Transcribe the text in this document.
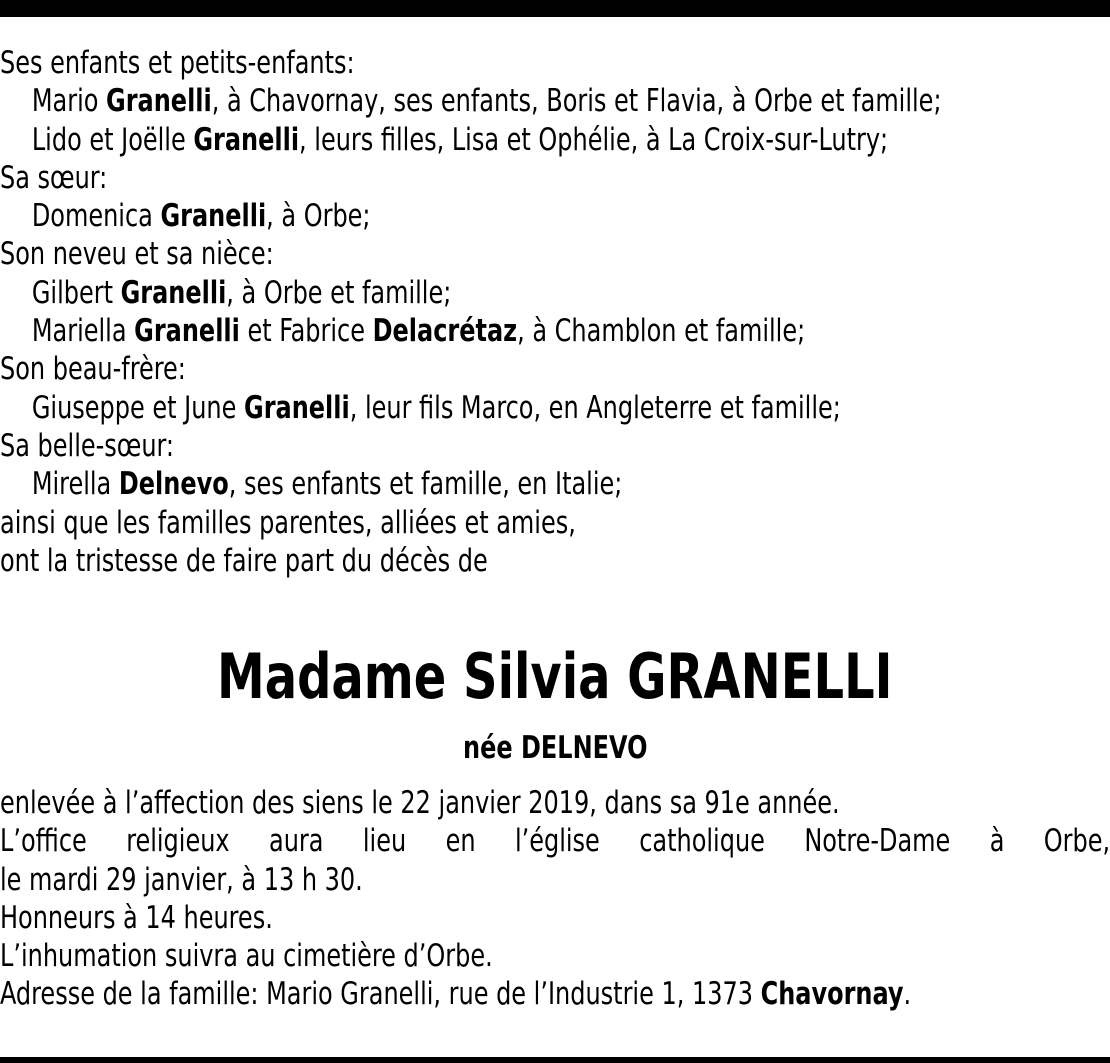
Ses enfants et petits-enfants:
Mario Granelli, à Chavornay, ses enfants, Boris et Flavia, à Orbe et famille;
Lido et Joëlle Granelli, leurs filles, Lisa et Ophélie, à La Croix-sur-Lutry;
Sa sœur:
Domenica Granelli, à Orbe;
Son neveu et sa nièce:
Gilbert Granelli, à Orbe et famille;
Mariella Granelli et Fabrice Delacrétaz, à Chamblon et famille;
Son beau-frère:
Giuseppe et June Granelli, leur fils Marco, en Angleterre et famille;
Sa belle-sœur:
Mirella Delnevo, ses enfants et famille, en Italie;
ainsi que les familles parentes, alliées et amies,
ont la tristesse de faire part du décès de
Madame Silvia GRANELLI
née DELNEVO
enlevée à l’affection des siens le 22 janvier 2019, dans sa 91e année.
L’office religieux aura lieu en l’église catholique Notre-Dame à Orbe,
le mardi 29 janvier, à 13 h 30.
Honneurs à 14 heures.
L’inhumation suivra au cimetière d’Orbe.
Adresse de la famille: Mario Granelli, rue de l’Industrie 1, 1373 Chavornay.
